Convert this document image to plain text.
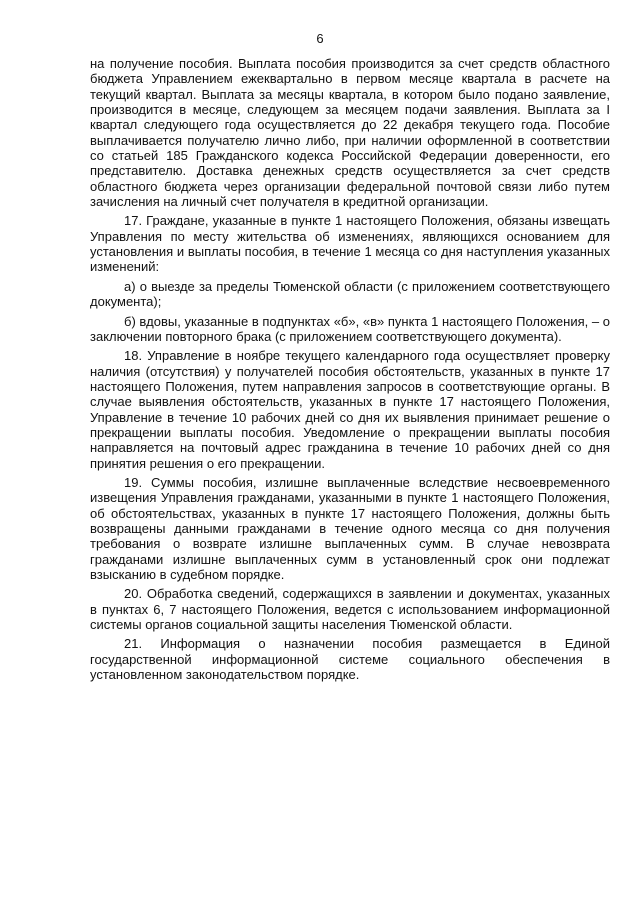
6

на получение пособия. Выплата пособия производится за счет средств областного бюджета Управлением ежеквартально в первом месяце квартала в расчете на текущий квартал. Выплата за месяцы квартала, в котором было подано заявление, производится в месяце, следующем за месяцем подачи заявления. Выплата за I квартал следующего года осуществляется до 22 декабря текущего года. Пособие выплачивается получателю лично либо, при наличии оформленной в соответствии со статьей 185 Гражданского кодекса Российской Федерации доверенности, его представителю. Доставка денежных средств осуществляется за счет средств областного бюджета через организации федеральной почтовой связи либо путем зачисления на личный счет получателя в кредитной организации.

17. Граждане, указанные в пункте 1 настоящего Положения, обязаны извещать Управления по месту жительства об изменениях, являющихся основанием для установления и выплаты пособия, в течение 1 месяца со дня наступления указанных изменений:

а) о выезде за пределы Тюменской области (с приложением соответствующего документа);

б) вдовы, указанные в подпунктах «б», «в» пункта 1 настоящего Положения, – о заключении повторного брака (с приложением соответствующего документа).

18. Управление в ноябре текущего календарного года осуществляет проверку наличия (отсутствия) у получателей пособия обстоятельств, указанных в пункте 17 настоящего Положения, путем направления запросов в соответствующие органы. В случае выявления обстоятельств, указанных в пункте 17 настоящего Положения, Управление в течение 10 рабочих дней со дня их выявления принимает решение о прекращении выплаты пособия. Уведомление о прекращении выплаты пособия направляется на почтовый адрес гражданина в течение 10 рабочих дней со дня принятия решения о его прекращении.

19. Суммы пособия, излишне выплаченные вследствие несвоевременного извещения Управления гражданами, указанными в пункте 1 настоящего Положения, об обстоятельствах, указанных в пункте 17 настоящего Положения, должны быть возвращены данными гражданами в течение одного месяца со дня получения требования о возврате излишне выплаченных сумм. В случае невозврата гражданами излишне выплаченных сумм в установленный срок они подлежат взысканию в судебном порядке.

20. Обработка сведений, содержащихся в заявлении и документах, указанных в пунктах 6, 7 настоящего Положения, ведется с использованием информационной системы органов социальной защиты населения Тюменской области.

21. Информация о назначении пособия размещается в Единой государственной информационной системе социального обеспечения в установленном законодательством порядке.
